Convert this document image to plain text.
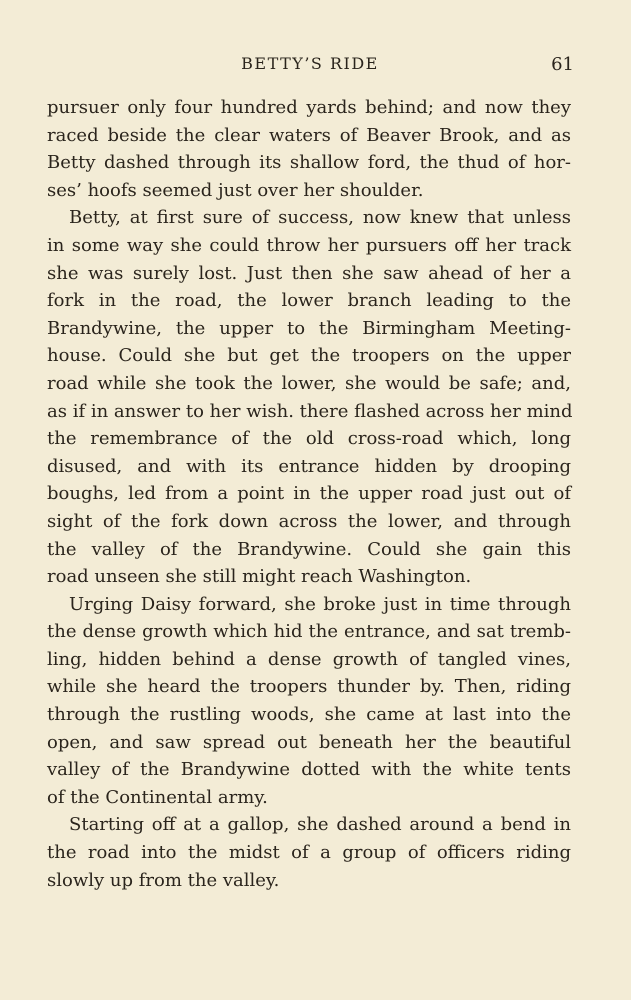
BETTY’S RIDE	61
pursuer only four hundred yards behind; and now they
raced beside the clear waters of Beaver Brook, and as
Betty dashed through its shallow ford, the thud of hor-
ses’ hoofs seemed just over her shoulder.
Betty, at first sure of success, now knew that unless
in some way she could throw her pursuers off her track
she was surely lost. Just then she saw ahead of her a
fork in the road, the lower branch leading to the
Brandywine, the upper to the Birmingham Meeting-
house. Could she but get the troopers on the upper
road while she took the lower, she would be safe; and,
as if in answer to her wish. there flashed across her mind
the remembrance of the old cross-road which, long
disused, and with its entrance hidden by drooping
boughs, led from a point in the upper road just out of
sight of the fork down across the lower, and through
the valley of the Brandywine. Could she gain this
road unseen she still might reach Washington.
Urging Daisy forward, she broke just in time through
the dense growth which hid the entrance, and sat tremb-
ling, hidden behind a dense growth of tangled vines,
while she heard the troopers thunder by. Then, riding
through the rustling woods, she came at last into the
open, and saw spread out beneath her the beautiful
valley of the Brandywine dotted with the white tents
of the Continental army.
Starting off at a gallop, she dashed around a bend in
the road into the midst of a group of officers riding
slowly up from the valley.
